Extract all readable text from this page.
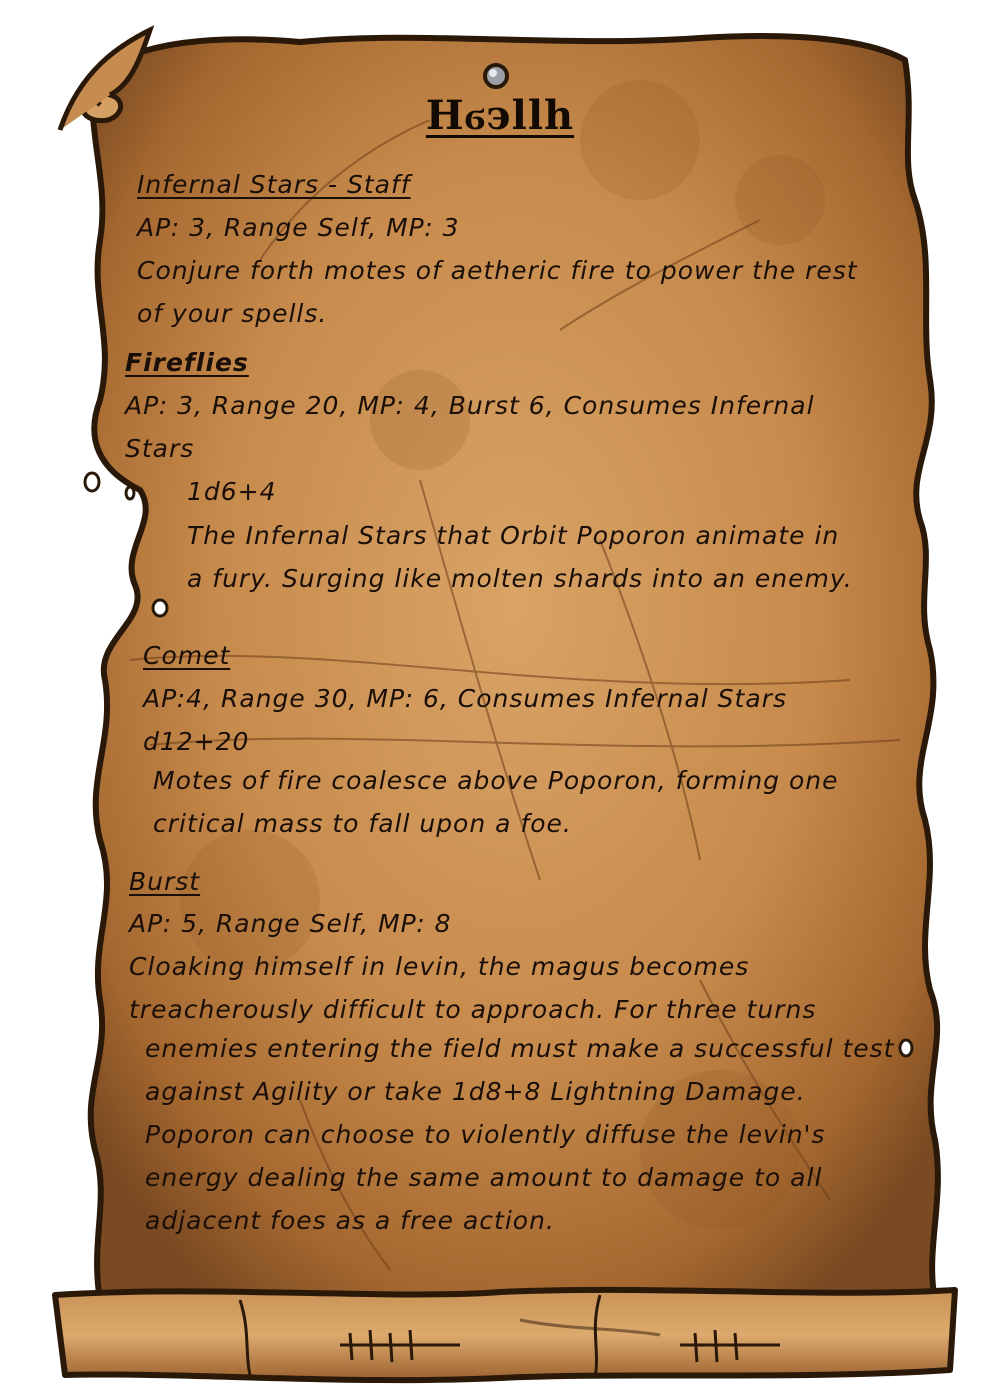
Hϭ϶llh
Infernal Stars - Staff
AP: 3, Range Self, MP: 3
Conjure forth motes of aetheric fire to power the rest
of your spells.
Fireflies
AP: 3, Range 20, MP: 4, Burst 6, Consumes Infernal
Stars
1d6+4
The Infernal Stars that Orbit Poporon animate in
a fury. Surging like molten shards into an enemy.
Comet
AP:4, Range 30, MP: 6, Consumes Infernal Stars
d12+20
Motes of fire coalesce above Poporon, forming one
critical mass to fall upon a foe.
Burst
AP: 5, Range Self, MP: 8
Cloaking himself in levin, the magus becomes
treacherously difficult to approach. For three turns
enemies entering the field must make a successful test
against Agility or take 1d8+8 Lightning Damage.
Poporon can choose to violently diffuse the levin's
energy dealing the same amount to damage to all
adjacent foes as a free action.
